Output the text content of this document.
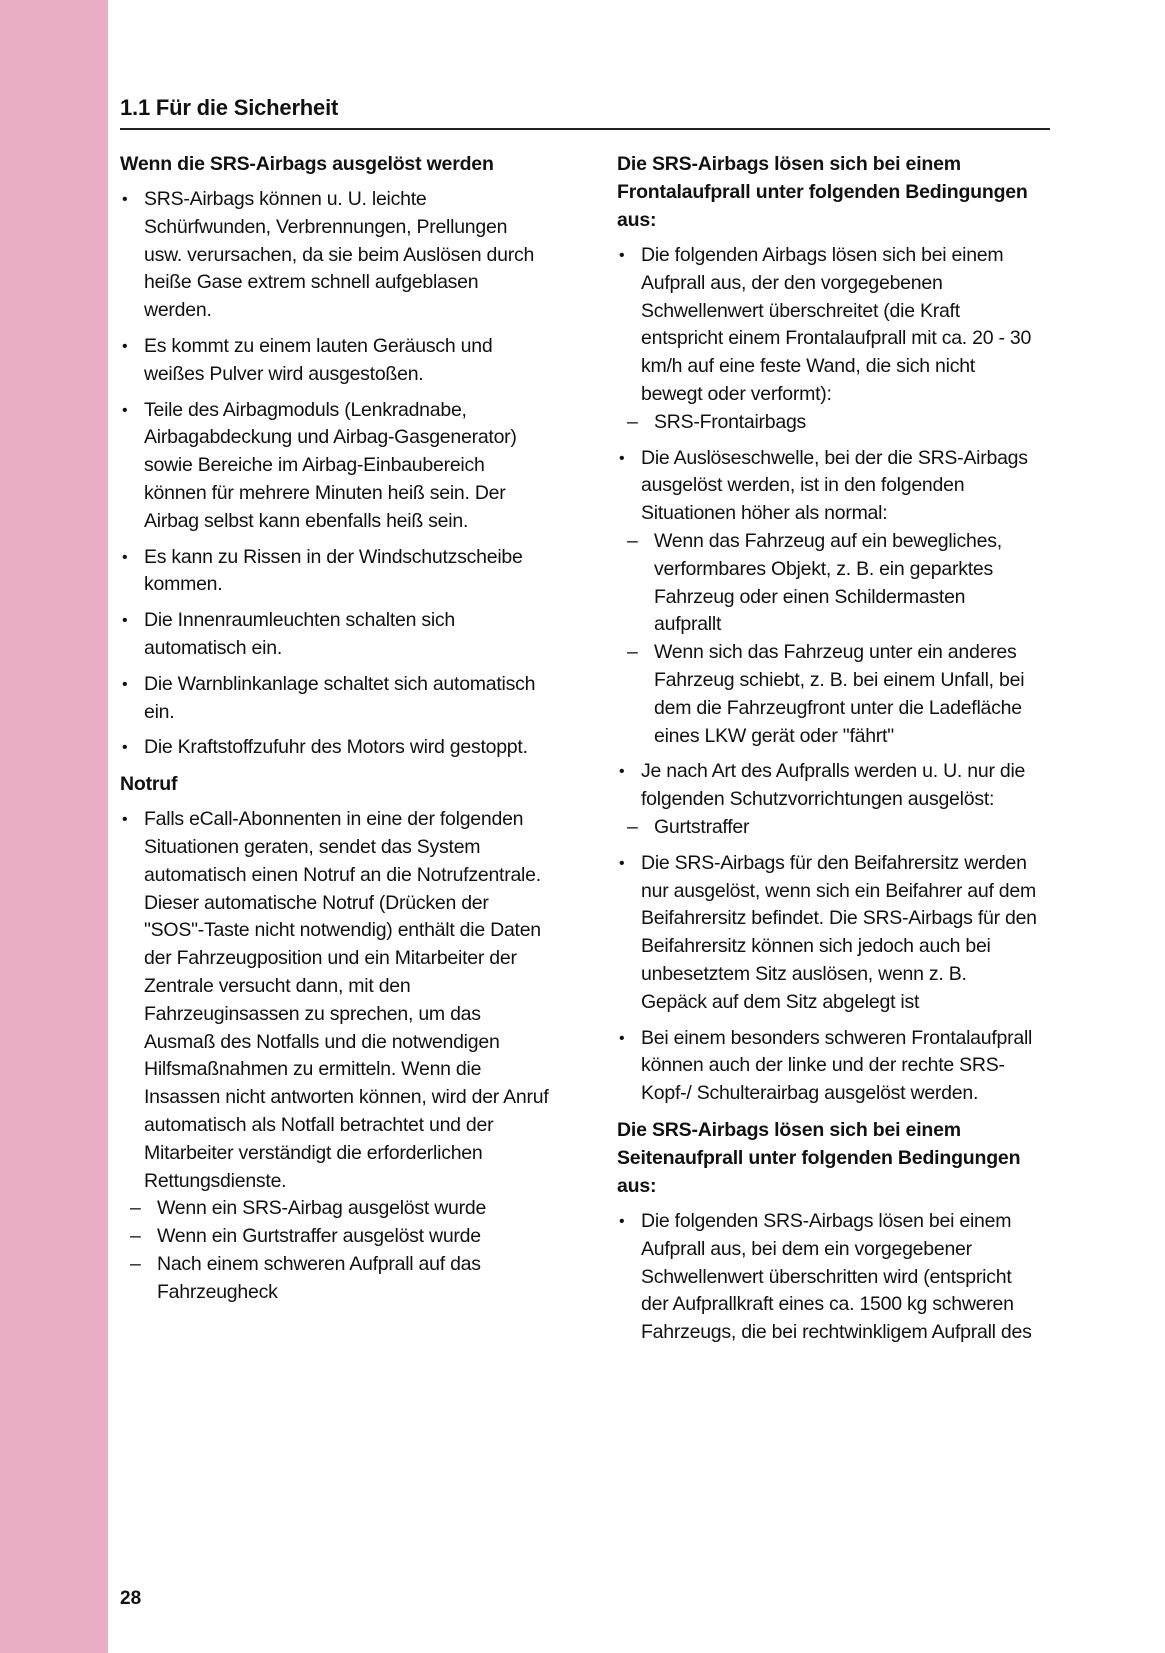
1.1 Für die Sicherheit
Wenn die SRS-Airbags ausgelöst werden
• SRS-Airbags können u. U. leichte Schürfwunden, Verbrennungen, Prellungen usw. verursachen, da sie beim Auslösen durch heiße Gase extrem schnell aufgeblasen werden.
• Es kommt zu einem lauten Geräusch und weißes Pulver wird ausgestoßen.
• Teile des Airbagmoduls (Lenkradnabe, Airbagabdeckung und Airbag-Gasgenerator) sowie Bereiche im Airbag-Einbaubereich können für mehrere Minuten heiß sein. Der Airbag selbst kann ebenfalls heiß sein.
• Es kann zu Rissen in der Windschutzscheibe kommen.
• Die Innenraumleuchten schalten sich automatisch ein.
• Die Warnblinkanlage schaltet sich automatisch ein.
• Die Kraftstoffzufuhr des Motors wird gestoppt.
Notruf
• Falls eCall-Abonnenten in eine der folgenden Situationen geraten, sendet das System automatisch einen Notruf an die Notrufzentrale. Dieser automatische Notruf (Drücken der "SOS"-Taste nicht notwendig) enthält die Daten der Fahrzeugposition und ein Mitarbeiter der Zentrale versucht dann, mit den Fahrzeuginsassen zu sprechen, um das Ausmaß des Notfalls und die notwendigen Hilfsmaßnahmen zu ermitteln. Wenn die Insassen nicht antworten können, wird der Anruf automatisch als Notfall betrachtet und der Mitarbeiter verständigt die erforderlichen Rettungsdienste.
– Wenn ein SRS-Airbag ausgelöst wurde
– Wenn ein Gurtstraffer ausgelöst wurde
– Nach einem schweren Aufprall auf das Fahrzeugheck
Die SRS-Airbags lösen sich bei einem Frontalaufprall unter folgenden Bedingungen aus:
• Die folgenden Airbags lösen sich bei einem Aufprall aus, der den vorgegebenen Schwellenwert überschreitet (die Kraft entspricht einem Frontalaufprall mit ca. 20 - 30 km/h auf eine feste Wand, die sich nicht bewegt oder verformt):
– SRS-Frontairbags
• Die Auslöseschwelle, bei der die SRS-Airbags ausgelöst werden, ist in den folgenden Situationen höher als normal:
– Wenn das Fahrzeug auf ein bewegliches, verformbares Objekt, z. B. ein geparktes Fahrzeug oder einen Schildermasten aufprallt
– Wenn sich das Fahrzeug unter ein anderes Fahrzeug schiebt, z. B. bei einem Unfall, bei dem die Fahrzeugfront unter die Ladefläche eines LKW gerät oder "fährt"
• Je nach Art des Aufpralls werden u. U. nur die folgenden Schutzvorrichtungen ausgelöst:
– Gurtstraffer
• Die SRS-Airbags für den Beifahrersitz werden nur ausgelöst, wenn sich ein Beifahrer auf dem Beifahrersitz befindet. Die SRS-Airbags für den Beifahrersitz können sich jedoch auch bei unbesetztem Sitz auslösen, wenn z. B. Gepäck auf dem Sitz abgelegt ist
• Bei einem besonders schweren Frontalaufprall können auch der linke und der rechte SRS-Kopf-/ Schulterairbag ausgelöst werden.
Die SRS-Airbags lösen sich bei einem Seitenaufprall unter folgenden Bedingungen aus:
• Die folgenden SRS-Airbags lösen bei einem Aufprall aus, bei dem ein vorgegebener Schwellenwert überschritten wird (entspricht der Aufprallkraft eines ca. 1500 kg schweren Fahrzeugs, die bei rechtwinkligem Aufprall des
28
